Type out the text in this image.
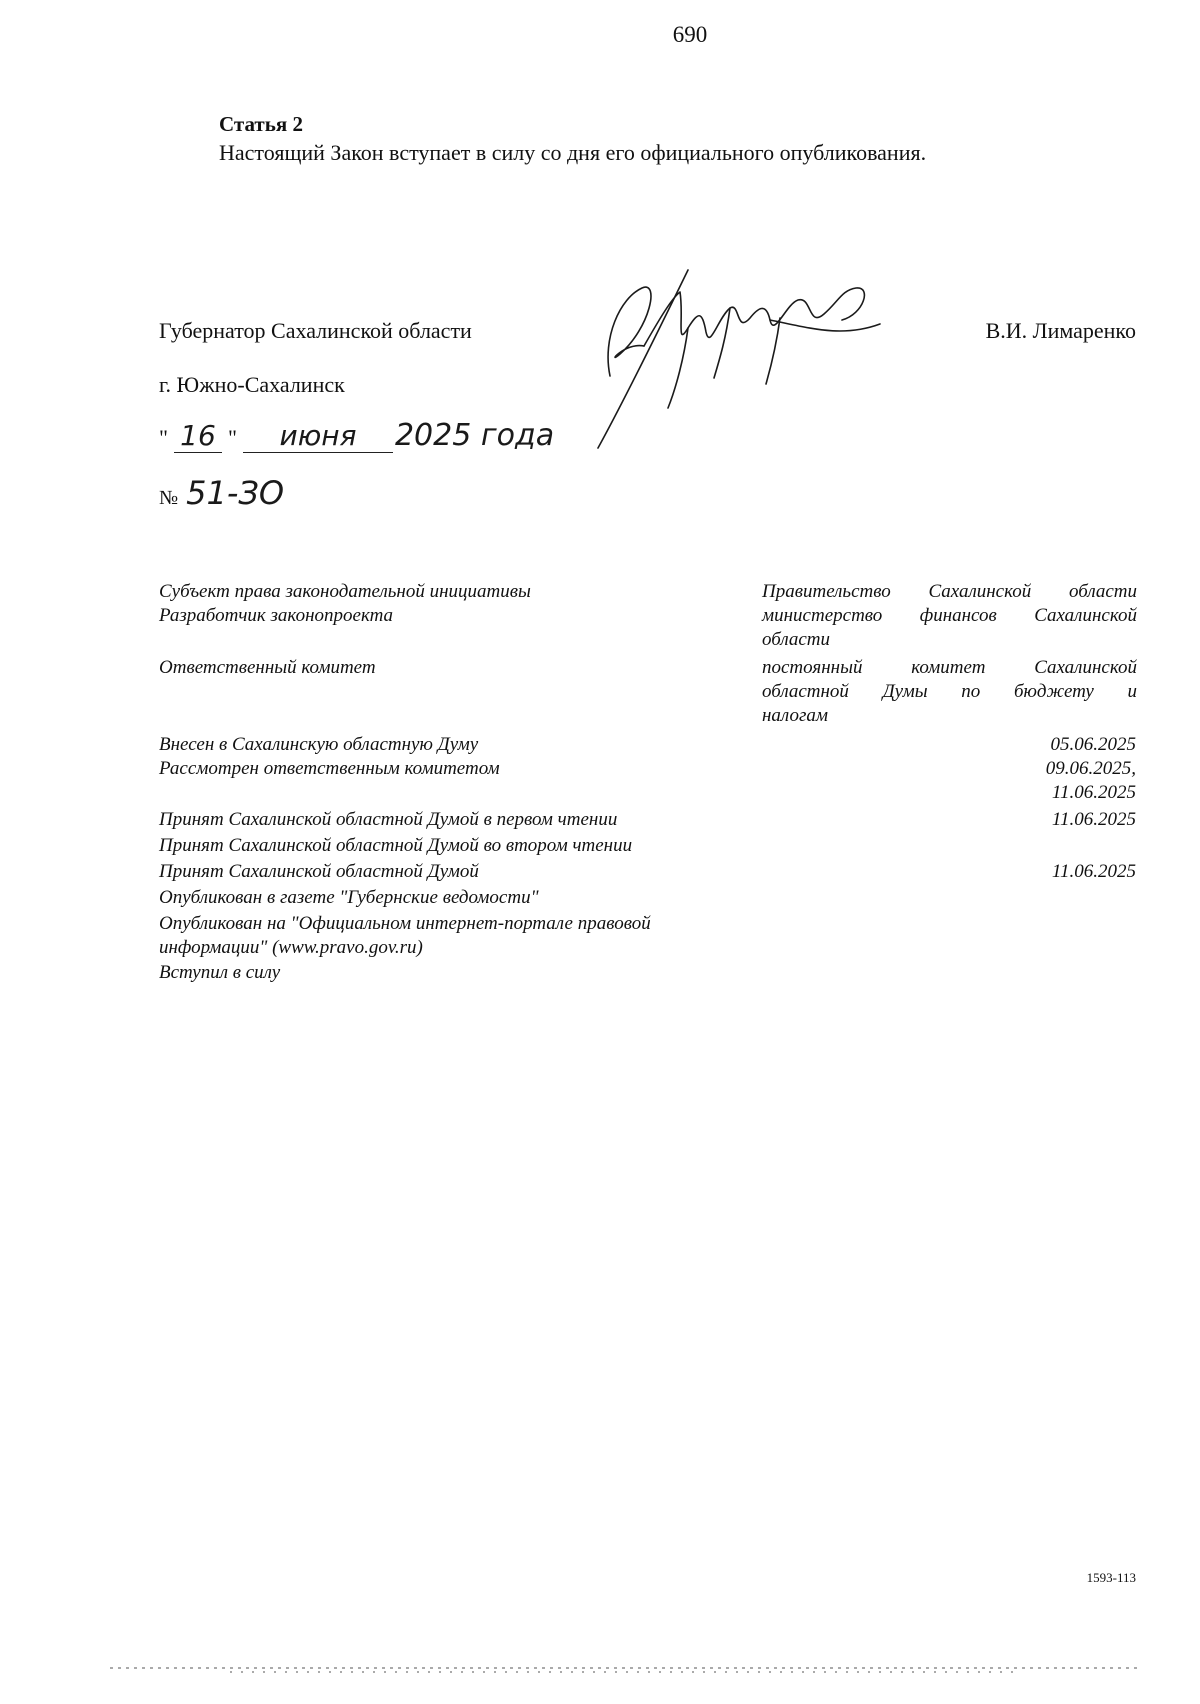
690
Статья 2
Настоящий Закон вступает в силу со дня его официального опубликования.
Губернатор Сахалинской области	В.И. Лимаренко
г. Южно-Сахалинск
" 16 " июня 2025 года
№ 51-ЗО
Субъект права законодательной инициативы	Правительство Сахалинской области
Разработчик законопроекта	министерство финансов Сахалинской
области
Ответственный комитет	постоянный комитет Сахалинской
областной Думы по бюджету и
налогам
Внесен в Сахалинскую областную Думу	05.06.2025
Рассмотрен ответственным комитетом	09.06.2025,
11.06.2025
Принят Сахалинской областной Думой в первом чтении	11.06.2025
Принят Сахалинской областной Думой во втором чтении
Принят Сахалинской областной Думой	11.06.2025
Опубликован в газете "Губернские ведомости"
Опубликован на "Официальном интернет-портале правовой
информации" (www.pravo.gov.ru)
Вступил в силу
1593-113
